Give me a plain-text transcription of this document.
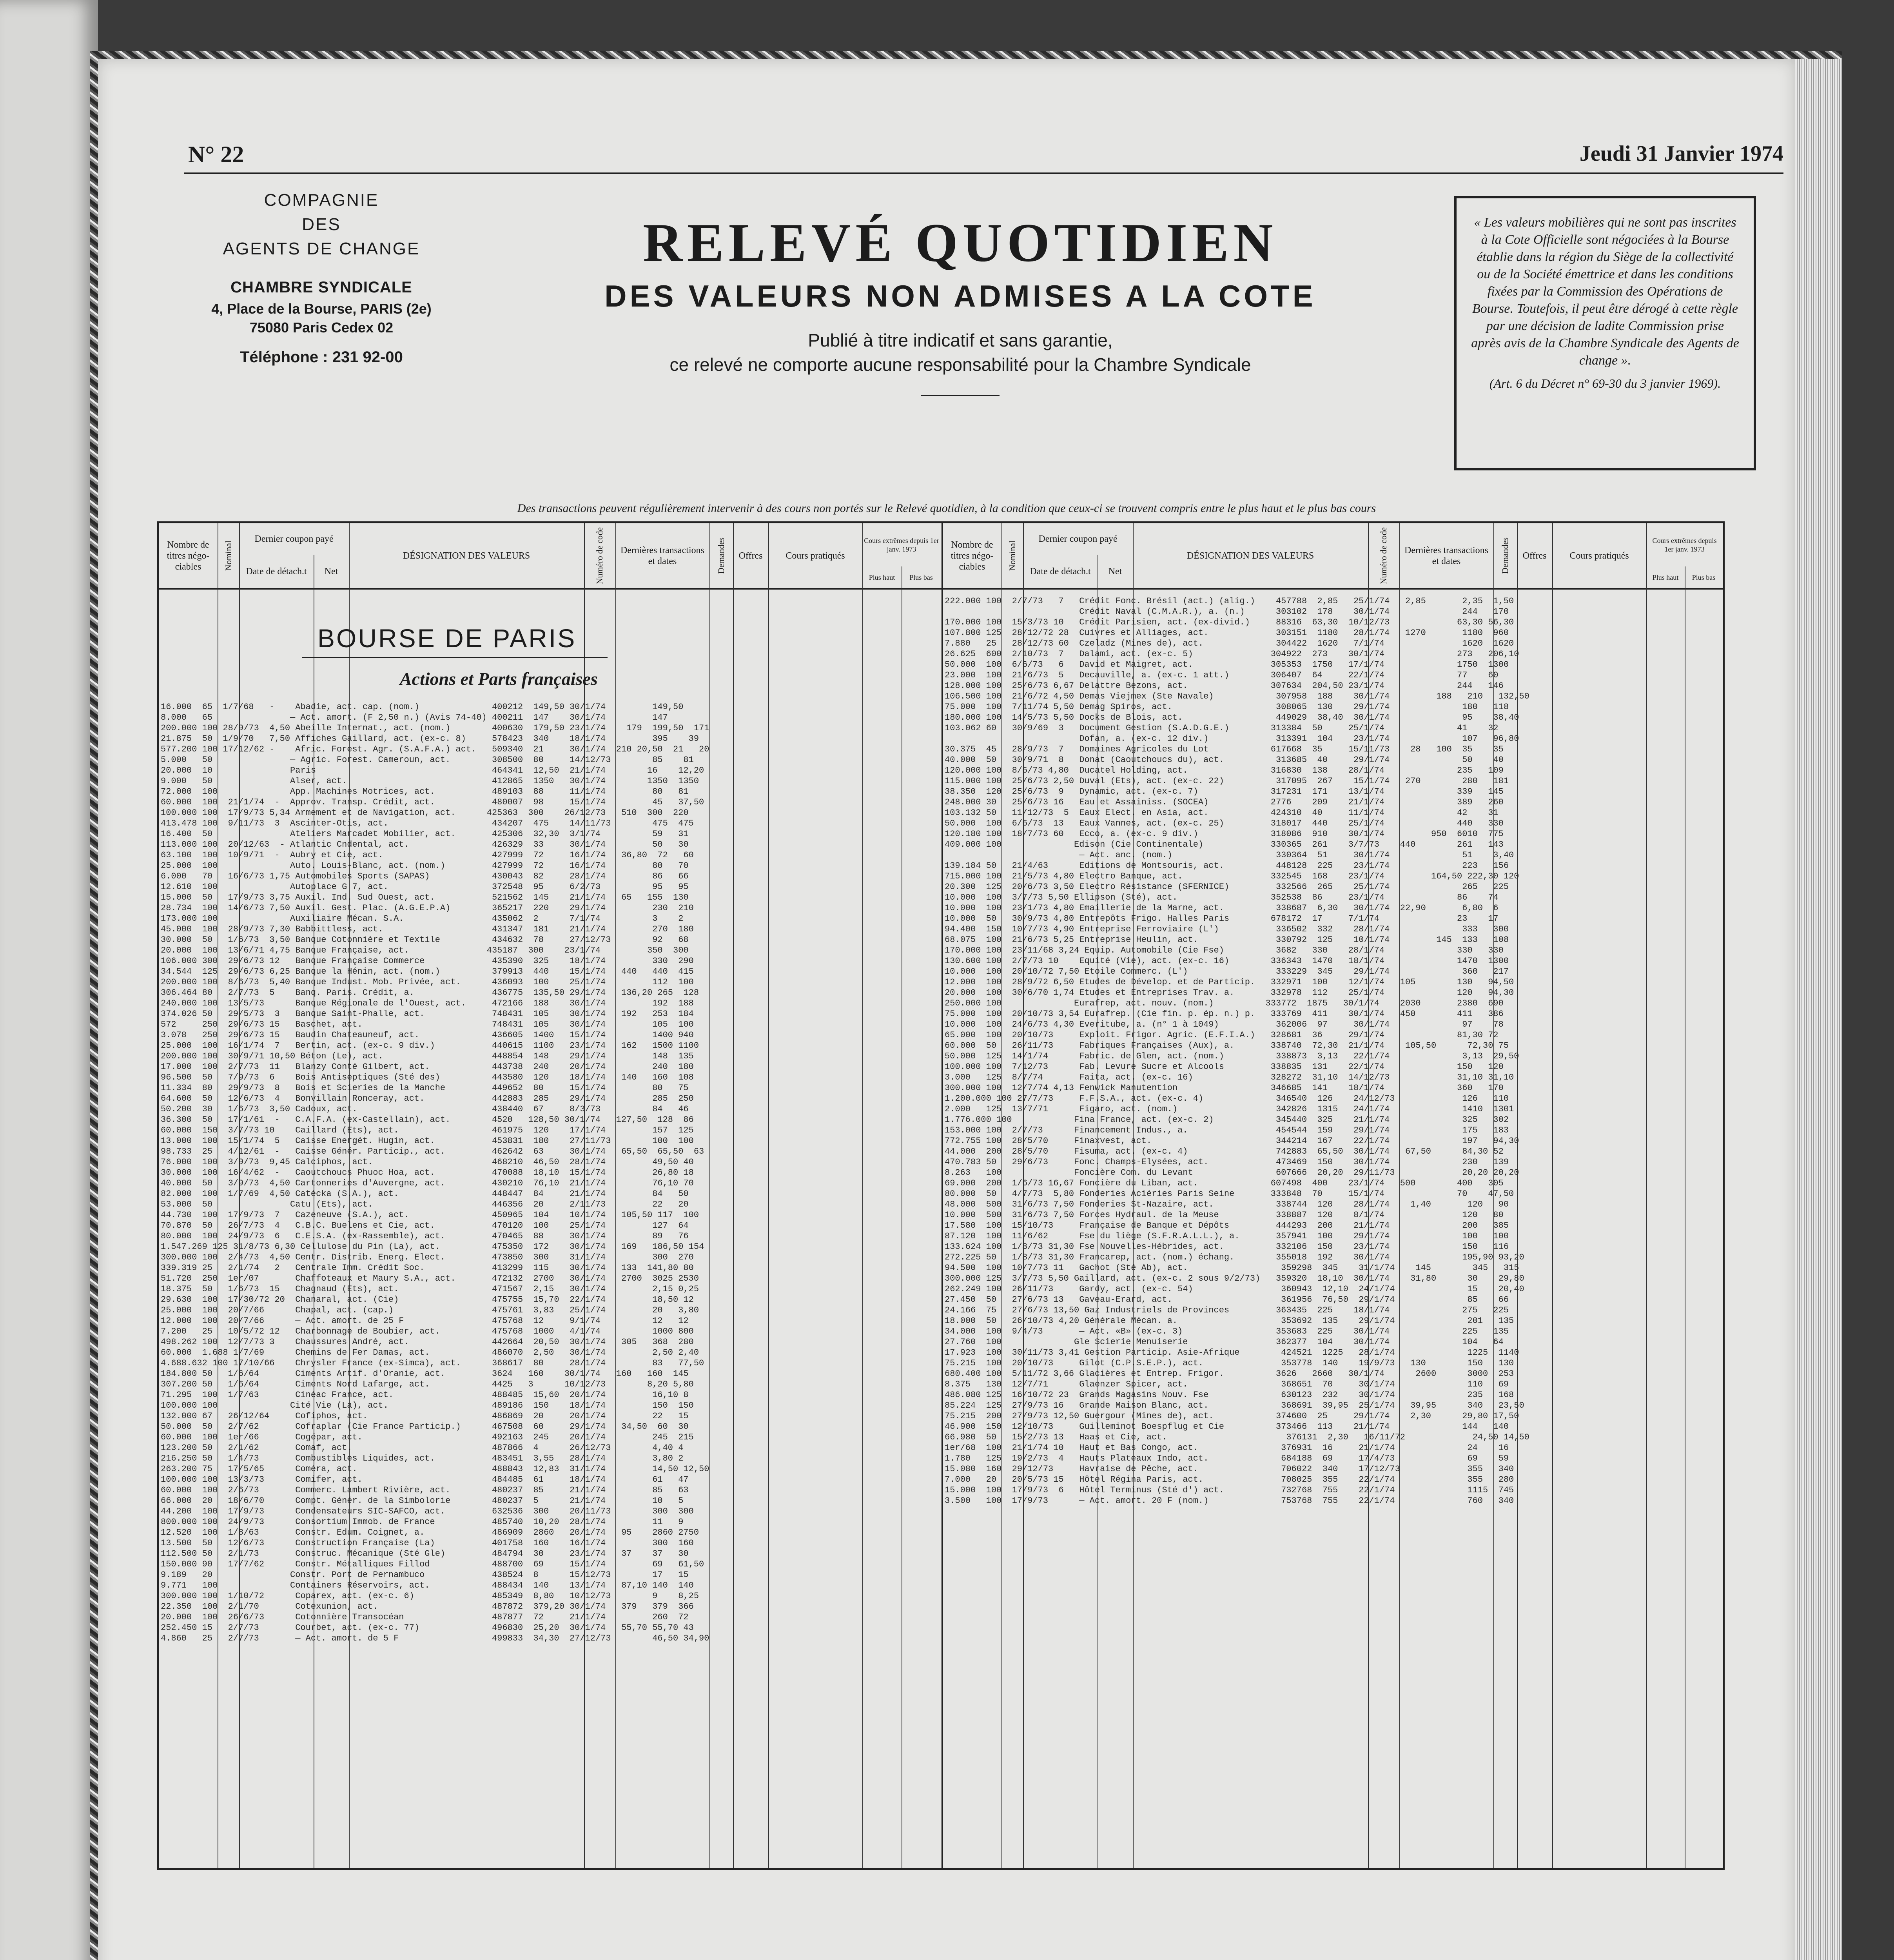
N° 22	Jeudi 31 Janvier 1974
COMPAGNIE
DES
AGENTS DE CHANGE
CHAMBRE SYNDICALE
4, Place de la Bourse, PARIS (2e)
75080 Paris Cedex 02
Téléphone : 231 92-00
RELEVÉ QUOTIDIEN
DES VALEURS NON ADMISES A LA COTE
Publié à titre indicatif et sans garantie,
ce relevé ne comporte aucune responsabilité pour la Chambre Syndicale
« Les valeurs mobilières qui ne sont pas inscrites à la Cote Officielle sont négociées à la Bourse établie dans la région du Siège de la collectivité ou de la Société émettrice et dans les conditions fixées par la Commission des Opérations de Bourse. Toutefois, il peut être dérogé à cette règle par une décision de ladite Commission prise après avis de la Chambre Syndicale des Agents de change ».
(Art. 6 du Décret n° 69-30 du 3 janvier 1969).
Des transactions peuvent régulièrement intervenir à des cours non portés sur le Relevé quotidien, à la condition que ceux-ci se trouvent compris entre le plus haut et le plus bas cours
Nombre de titres négo-ciables	Nominal
Dernier coupon payé
Date de détach.t	Net
DÉSIGNATION DES VALEURS	Numéro de code	Dernières transactions et dates	Demandes	Offres	Cours pratiqués
Cours extrêmes depuis 1er janv. 1973
Plus haut	Plus bas
Nombre de titres négo-ciables	Nominal
Dernier coupon payé
Date de détach.t	Net
DÉSIGNATION DES VALEURS	Numéro de code	Dernières transactions et dates	Demandes	Offres	Cours pratiqués
Cours extrêmes depuis 1er janv. 1973
Plus haut	Plus bas
BOURSE DE PARIS
Actions et Parts françaises
16.000  65  1/7/68   -    Abadie, act. cap. (nom.)              400212  149,50 30/1/74         149,50
8.000   65               — Act. amort. (F 2,50 n.) (Avis 74-40) 400211  147    30/1/74         147
200.000 100 28/9/73  4,50 Abeille Internat., act. (nom.)        400630  179,50 23/1/74    179  199,50  171
21.875  50  1/9/70   7,50 Affiches Gaillard, act. (ex-c. 8)     578423  340    18/1/74         395    39
577.200 100 17/12/62 -    Afric. Forest. Agr. (S.A.F.A.) act.   509340  21     30/1/74  210 20,50  21   20
5.000   50               — Agric. Forest. Cameroun, act.        308500  80     14/12/73        85    81
20.000  10               Paris                                  464341  12,50  21/1/74        16    12,20
9.000   50               Alser, act.                            412865  1350   30/1/74        1350  1350
72.000  100              App. Machines Motrices, act.           489103  88     11/1/74         80   81
60.000  100  21/1/74  -  Approv. Transp. Crédit, act.           480007  98     15/1/74         45   37,50
100.000 100  17/9/73 5,34 Armement et de Navigation, act.      425363  300    26/12/73   510  300  220
413.478 100  9/11/73  3  Ascinter-Otis, act.                    434207  475    14/11/73        475  475
16.400  50               Ateliers Marcadet Mobilier, act.       425306  32,30  3/1/74          59   31
113.000 100  20/12/63  - Atlantic Cndental, act.                426329  33     30/1/74         50   30
63.100  100  10/9/71  -  Aubry et Cie, act.                     427999  72     16/1/74   36,80  72   60
25.000  100              Auto. Louis-Blanc, act. (nom.)         427999  72     16/1/74         80   70
6.000   70   16/6/73 1,75 Automobiles Sports (SAPAS)            430043  82     28/1/74         86   66
12.610  100              Autoplace G 7, act.                    372548  95     6/2/73          95   95
15.000  50   17/9/73 3,75 Auxil. Ind. Sud Ouest, act.           521562  145    21/1/74   65   155  130
28.734  100  14/6/73 7,50 Auxil. Gest. Plac. (A.G.E.P.A)        365217  220    29/1/74         230  210
173.000 100              Auxiliaire Mécan. S.A.                 435062  2      7/1/74          3    2
45.000  100  28/9/73 7,30 Babbittless, act.                     431347  181    21/1/74         270  180
30.000  50   1/6/73  3,50 Banque Cotonnière et Textile          434632  78     27/12/73        92   68
20.000  100  13/6/71 4,75 Banque Française, act.               435187  300    23/1/74         350  300
106.000 300  29/6/73 12   Banque Française Commerce             435390  325    18/1/74         330  290
34.544  125  29/6/73 6,25 Banque la Hénin, act. (nom.)          379913  440    15/1/74   440   440  415
200.000 100  8/6/73  5,40 Banque Indust. Mob. Privée, act.      436093  100    25/1/74         112  100
306.464 80   2/7/73  5    Banq. Paris. Crédit, a.               436775  135,50 29/1/74   136,20 265  128
240.000 100  13/5/73      Banque Régionale de l'Ouest, act.     472166  188    30/1/74         192  188
374.026 50   29/5/73  3   Banque Saint-Phalle, act.             748431  105    30/1/74   192   253  184
572     250  29/6/73 15   Baschet, act.                         748431  105    30/1/74         105  100
3.078   250  29/6/73 15   Baudin Chateauneuf, act.              436605  1400   15/1/74         1400 940
25.000  100  16/1/74  7   Bertin, act. (ex-c. 9 div.)           440615  1100   23/1/74   162   1500 1100
200.000 100  30/9/71 10,50 Béton (Le), act.                     448854  148    29/1/74         148  135
17.000  100  2/7/73  11   Blanzy Conté Gilbert, act.            443738  240    20/1/74         240  180
96.500  50   7/9/73  6    Bois Antiseptiques (Sté des)          443580  120    18/1/74   140   160  108
11.334  80   29/9/73  8   Bois et Scieries de la Manche         449652  80     15/1/74         80   75
64.600  50   12/6/73  4   Bonvillain Ronceray, act.             442883  285    29/1/74         285  250
50.200  30   1/6/73  3,50 Cadoux, act.                          438440  67     8/3/73          84   46
36.300  50   17/1/61  -   C.A.F.A. (ex-Castellain), act.        4520   128,50 30/1/74   127,50  128  86
60.000  150  3/7/73 10    Caillard (Ets), act.                  461975  120    17/1/74         157  125
13.000  100  15/1/74  5   Caisse Energét. Hugin, act.           453831  180    27/11/73        100  100
98.733  25   4/12/61  -   Caisse Génér. Particip., act.         462642  63     30/1/74   65,50  65,50  63
76.000  100  3/9/73  9,45 Calciphos, act.                       468210  46,50  28/1/74         49,50 40
30.000  100  16/4/62  -   Caoutchoucs Phuoc Hoa, act.           470088  18,10  15/1/74         26,80 18
40.000  50   3/9/73  4,50 Cartonneries d'Auvergne, act.         430210  76,10  21/1/74         76,10 70
82.000  100  1/7/69  4,50 Catécka (S.A.), act.                  448447  84     21/1/74         84   50
53.000  50               Catu (Ets), act.                       446356  20     2/11/73         22   20
44.730  100  17/9/73  7   Cazeneuve (S.A.), act.                450965  104    10/1/74   105,50 117  100
70.870  50   26/7/73  4   C.B.C. Buelens et Cie, act.           470120  100    25/1/74         127  64
80.000  100  24/9/73  6   C.E.S.A. (ex-Rassemble), act.         470465  88     30/1/74         89   76
1.547.269 125 31/8/73 6,30 Cellulose du Pin (La), act.          475350  172    30/1/74   169   186,50 154
300.000 100  2/4/73  4,50 Centr. Distrib. Energ. Elect.         473850  300    31/1/74         300  270
339.319 25   2/1/74   2   Centrale Imm. Crédit Soc.             413299  115    30/1/74   133  141,80 80
51.720  250  1er/07       Chaffoteaux et Maury S.A., act.       472132  2700   30/1/74   2700  3025 2530
18.375  50   1/6/73  15   Chagnaud (Ets), act.                  471567  2,15   30/1/74         2,15 0,25
29.630  100  17/30/72 20  Chanaral, act. (Cie)                  475755  15,70  22/1/74         18,50 12
25.000  100  20/7/66      Chapal, act. (cap.)                   475761  3,83   25/1/74         20   3,80
12.000  100  20/7/66      — Act. amort. de 25 F                 475768  12     9/1/74          12   12
7.200   25   10/5/72 12   Charbonnage de Boubier, act.          475768  1000   4/1/74          1000 800
498.262 100  12/7/73 3    Chaussures André, act.                442664  20,50  30/1/74   305   368  280
60.000  1.688 1/7/69      Chemins de Fer Damas, act.            486070  2,50   30/1/74         2,50 2,40
4.688.632 100 17/10/66    Chrysler France (ex-Simca), act.      368617  80     28/1/74         83   77,50
184.800 50   1/6/64       Ciments Artif. d'Oranie, act.         3624   160    30/1/74   160   160  145
307.200 50   1/6/64       Ciments Nord Lafarge, act.            4425   3      10/12/73        8,20 5,80
71.295  100  1/7/63       Cinéac France, act.                   488485  15,60  20/1/74         16,10 8
100.000 100              Cité Vie (La), act.                    489186  150    18/1/74         150  150
132.000 67   26/12/64     Cofiphos, act.                        486869  20     20/1/74         22   15
50.000  50   2/7/62       Cofraplar (Cie France Particip.)      467508  60     29/1/74   34,50  60  30
60.000  100  1er/66       Cogépar, act.                         492163  245    20/1/74         245  215
123.200 50   2/1/62       Comaf, act.                           487866  4      26/12/73        4,40 4
216.250 50   1/4/73       Combustibles Liquides, act.           483451  3,55   28/1/74         3,80 2
263.200 75   17/5/65      Coméra, act.                          488843  12,83  31/1/74         14,50 12,50
100.000 100  13/3/73      Comifer, act.                         484485  61     18/1/74         61   47
60.000  100  2/6/73       Commerc. Lambert Rivière, act.        480237  85     21/1/74         85   63
66.000  20   18/6/70      Compt. Génér. de la Simbolorie        480237  5      21/1/74         10   5
44.200  100  17/9/73      Condensateurs SIC-SAFCO, act.         632536  300    20/11/73        300  300
800.000 100  24/9/73      Consortium Immob. de France           485740  10,20  28/1/74         11   9
12.520  100  1/8/63       Constr. Edum. Coignet, a.             486909  2860   20/1/74   95    2860 2750
13.500  50   12/6/73      Construction Française (La)           401758  160    16/1/74         300  160
112.500 50   2/1/73       Construc. Mécanique (Sté Gle)         484794  30     23/1/74   37    37   30
150.000 90   17/7/62      Constr. Métalliques Fillod            488700  69     15/1/74         69   61,50
9.189   20               Constr. Port de Pernambuco             438524  8      15/12/73        17   15
9.771   100              Containers Réservoirs, act.            488434  140    13/1/74   87,10 140  140
300.000 100  1/10/72      Coparex, act. (ex-c. 6)               485349  8,80   10/12/73        9    8,25
22.350  100  2/1/70       Cotexunion, act.                      487872  379,20 30/1/74   379   379  366
20.000  100  26/6/73      Cotonnière Transocéan                 487877  72     21/1/74         260  72
252.450 15   2/7/73       Courbet, act. (ex-c. 77)              496830  25,20  30/1/74   55,70 55,70 43
4.860   25   2/7/73       — Act. amort. de 5 F                  499833  34,30  27/12/73        46,50 34,90
222.000 100  2/7/73   7   Crédit Fonc. Brésil (act.) (alig.)    457788  2,85   25/1/74   2,85       2,35  1,50
Crédit Naval (C.M.A.R.), a. (n.)      303102  178    30/1/74              244   170
170.000 100  15/3/73 10   Crédit Parisien, act. (ex-divid.)     88316  63,30  10/12/73             63,30 56,30
107.800 125  28/12/72 28  Cuivres et Alliages, act.             303151  1180   28/1/74   1270       1180  960
7.880   25   28/12/73 60  Czeladz (Mines de), act.              304422  1620   7/1/74               1620  1620
26.625  600  2/10/73  7   Dalami, act. (ex-c. 5)               304922  273    30/1/74              273   206,10
50.000  100  6/6/73   6   David et Maigret, act.               305353  1750   17/1/74              1750  1300
23.000  100  21/6/73  5   Decauville, a. (ex-c. 1 att.)        306407  64     22/1/74              77    60
128.000 100  25/6/73 6,67 Delattre Bezons, act.                307634  204,50 23/1/74              244   146
106.500 100  21/6/72 4,50 Demas Viejmex (Ste Navale)            307958  188    30/1/74         188   210   132,50
75.000  100  7/11/74 5,50 Demag Spiros, act.                    308065  130    29/1/74              180   118
180.000 100  14/5/73 5,50 Docks de Blois, act.                  449029  38,40  30/1/74              95    38,40
103.062 60   30/9/69  3   Document Gestion (S.A.D.G.E.)        313384  50     25/1/74              41    32
Dofan, a. (ex-c. 12 div.)             313391  104    23/1/74              107   96,80
30.375  45   28/9/73  7   Domaines Agricoles du Lot            617668  35     15/11/73    28   100  35    35
40.000  50   30/9/71  8   Donat (Caoutchoucs du), act.          313685  40     29/1/74              50    40
120.000 100  8/6/73 4,80  Ducatel Holding, act.                316830  138    28/1/74              235   109
115.000 100  25/6/73 2,50 Duval (Ets), act. (ex-c. 22)          317095  267    15/1/74   270        280   181
38.350  120  25/6/73  9   Dynamic, act. (ex-c. 7)              317231  171    13/1/74              339   145
248.000 30   25/6/73 16   Eau et Assainiss. (SOCEA)            2776    209    21/1/74              389   260
103.132 50   11/12/73  5  Eaux Elect. en Asia, act.            424310  40     11/1/74              42    31
50.000  100  6/6/73  13   Eaux Vannes, act. (ex-c. 25)         318017  440    25/1/74              440   330
120.180 100  18/7/73 60   Ecco, a. (ex-c. 9 div.)              318086  910    30/1/74         950  6010  775
409.000 100              Edison (Cie Continentale)             330365  261    3/7/73    440        261   143
— Act. anc. (nom.)                    330364  51     30/1/74              51    3,40
139.184 50   21/4/63      Editions de Montsouris, act.          448128  225    23/1/74              223   156
715.000 100  21/5/73 4,80 Electro Banque, act.                 332545  168    23/1/74         164,50 222,30 120
20.300  125  20/6/73 3,50 Electro Résistance (SFERNICE)         332566  265    25/1/74              265   225
10.000  100  3/7/73 5,50 Ellipson (Sté), act.                  352538  86     23/1/74              86    74
10.000  100  23/1/73 4,80 Emaillerie de la Marne, act.          338687  6,30   30/1/74  22,90       6,80  6
10.000  50   30/9/73 4,80 Entrepôts Frigo. Halles Paris        678172  17     7/1/74               23    17
94.400  150  10/7/73 4,90 Entreprise Ferroviaire (L')           336502  332    28/1/74              333   300
68.075  100  21/6/73 5,25 Entreprise Heulin, act.               330792  125    10/1/74         145  133   108
170.000 100  23/11/68 3,24 Equip. Automobile (Cie Fse)          3682   330    28/1/74              330   330
130.600 100  2/7/73 10    Equité (Vie), act. (ex-c. 16)        336343  1470   18/1/74              1470  1300
10.000  100  20/10/72 7,50 Etoile Commerc. (L')                 333229  345    29/1/74              360   217
12.000  100  28/9/72 6,50 Etudes de Dévelop. et de Particip.   332971  100    12/1/74   105        130   94,50
20.000  100  30/6/70 1,74 Etudes et Entreprises Trav. a.       332978  112    25/1/74              120   94,30
250.000 100              Eurafrep, act. nouv. (nom.)          333772  1875   30/1/74    2030       2380  690
75.000  100  20/10/73 3,54 Eurafrep. (Cie fin. p. ép. n.) p.   333769  411    30/1/74   450        411   386
10.000  100  24/6/73 4,30 Everitube, a. (n° 1 à 1049)           362006  97     30/1/74              97    78
65.000  100  20/10/73     Exploit. Frigor. Agric. (E.F.I.A.)   328681  36     29/1/74              81,30 72
60.000  50   26/11/73     Fabriques Françaises (Aux), a.       338740  72,30  21/1/74    105,50      72,30 75
50.000  125  14/1/74      Fabric. de Glen, act. (nom.)          338873  3,13   22/1/74              3,13  29,50
100.000 100  7/12/73      Fab. Levure Sucre et Alcools         338835  131    22/1/74              150   120
3.000   125  8/7/74       Faita, act. (ex-c. 16)               328272  31,10  14/12/73             31,10 31,10
300.000 100  12/7/74 4,13 Fenwick Manutention                  346685  141    18/1/74              360   170
1.200.000 100 27/7/73     F.F.S.A., act. (ex-c. 4)              346540  126    24/12/73             126   110
2.000   125  13/7/71      Figaro, act. (nom.)                   342826  1315   24/1/74              1410  1301
1.776.000 100            Fina France, act. (ex-c. 2)            345440  325    21/1/74              325   302
153.000 100  2/7/73      Financement Indus., a.                 454544  159    29/1/74              175   183
772.755 100  28/5/70     Finaxvest, act.                        344214  167    22/1/74              197   94,30
44.000  200  28/5/70     Fisuma, act. (ex-c. 4)                 742883  65,50  30/1/74   67,50      84,30 52
470.783 50   29/6/73     Fonc. Champs-Elysées, act.             473469  150    30/1/74              230   139
8.263   100              Foncière Com. du Levant                607666  20,20  29/11/73             20,20 20,20
69.000  200  1/6/73 16,67 Foncière du Liban, act.              607498  400    23/1/74   500        400   305
80.000  50   4/7/73  5,80 Fonderies Aciéries Paris Seine       333848  70     15/1/74              70    47,50
48.000  500  31/6/73 7,50 Fonderies St-Nazaire, act.            338744  120    28/1/74    1,40       120   90
10.000  500  31/6/73 7,50 Forces Hydraul. de la Meuse           338887  120    8/1/74               120   80
17.580  100  15/10/73     Française de Banque et Dépôts         444293  200    21/1/74              200   385
87.120  100  11/6/62      Fse du liège (S.F.R.A.L.L.), a.       357941  100    29/1/74              100   100
133.624 100  1/8/73 31,30 Fse Nouvelles-Hébrides, act.          332106  150    23/1/74              150   116
272.225 50   1/8/73 31,30 Francarep, act. (nom.) échang.        355018  192    30/1/74              195,90 93,20
94.500  100  10/7/73 11   Gachot (Sté Ab), act.                  359298  345    31/1/74    145        345   315
300.000 125  3/7/73 5,50 Gaillard, act. (ex-c. 2 sous 9/2/73)   359320  18,10  30/1/74    31,80      30    29,80
262.249 100  26/11/73     Gardy, act. (ex-c. 54)                 360943  12,10  24/1/74              15    20,40
27.450  50   27/6/73 13   Gaveau-Erard, act.                     361956  76,50  29/1/74              85    66
24.166  75   27/6/73 13,50 Gaz Industriels de Provinces         363435  225    18/1/74              275   225
18.000  50   26/10/73 4,20 Générale Mécan. a.                    353692  135    29/1/74              201   135
34.000  100  9/4/73       — Act. «B» (ex-c. 3)                  353683  225    30/1/74              225   135
27.760  100              Gle Scierie Menuiserie                 362377  104    30/1/74              104   64
17.923  100  30/11/73 3,41 Gestion Particip. Asie-Afrique        424521  1225   28/1/74              1225  1140
75.215  100  20/10/73     Gilot (C.P.S.E.P.), act.               353778  140    19/9/73   130        150   130
680.400 100  5/11/72 3,66 Glacières et Entrep. Frigor.          3626   2660   30/1/74      2600      3000  253
8.375   130  12/7/71      Glaenzer Spicer, act.                  368651  70     30/1/74              110   69
486.080 125  16/10/72 23  Grands Magasins Nouv. Fse              630123  232    30/1/74              235   168
85.224  125  27/9/73 16   Grande Maison Blanc, act.              368691  39,95  25/1/74   39,95      340   23,50
75.215  200  27/9/73 12,50 Guergour (Mines de), act.            374600  25     29/1/74    2,30      29,80 17,50
46.900  150  12/10/73     Guilleminot Boespflug et Cie          373466  113    21/1/74              144   140
66.980  50   15/2/73 13   Haas et Cie, act.                       376131  2,30   16/11/72             24,50 14,50
1er/68  100  21/1/74 10   Haut et Bas Congo, act.                376931  16     21/1/74              24    16
1.780   125  19/2/73  4   Hauts Plateaux Indo, act.              684188  69     17/4/73              69    59
15.080  160  29/12/73     Havraise de Pêche, act.                706022  340    17/12/73             355   340
7.000   20   20/5/73 15   Hôtel Régina Paris, act.               708025  355    22/1/74              355   280
15.000  100  17/9/73  6   Hôtel Terminus (Sté d') act.           732768  755    22/1/74              1115  745
3.500   100  17/9/73      — Act. amort. 20 F (nom.)              753768  755    22/1/74              760   340
